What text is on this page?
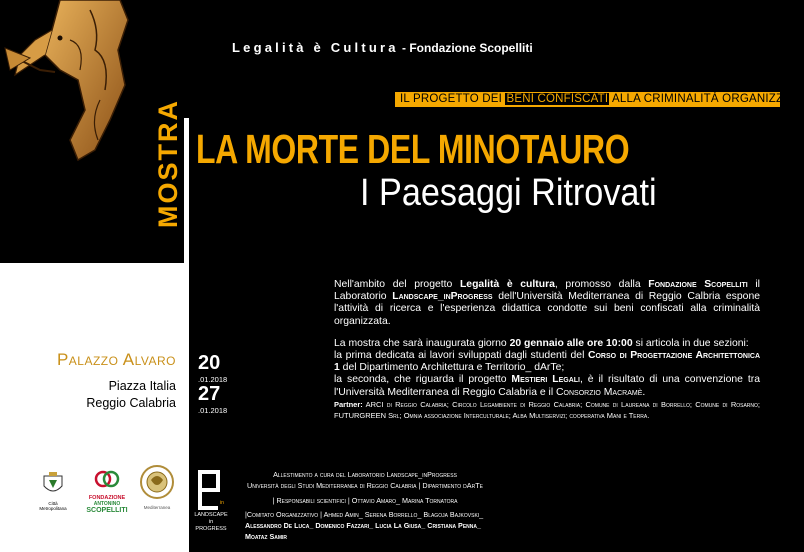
Legalità è Cultura - Fondazione Scopelliti
IL PROGETTO DEI BENI CONFISCATI ALLA CRIMINALITÀ ORGANIZZATA
MOSTRA LA MORTE DEL MINOTAURO
I Paesaggi Ritrovati

Nell'ambito del progetto Legalità è cultura, promosso dalla Fondazione Scopelliti il Laboratorio Landscape_inProgress dell'Università Mediterranea di Reggio Calbria espone l'attività di ricerca e l'esperienza didattica condotte sui beni confiscati alla criminalità organizzata.

La mostra che sarà inaugurata giorno 20 gennaio alle ore 10:00 si articola in due sezioni:

la prima dedicata ai lavori sviluppati dagli studenti del Corso di Progettazione Architettonica 1 del Dipartimento Architettura e Territorio_ dArTe;

la seconda, che riguarda il progetto Mestieri Legali, è il risultato di una convenzione tra l'Università Mediterranea di Reggio Calabria e il Consorzio Macramè.

Partner: ARCI di Reggio Calabria; Circolo Legambiente di Reggio Calabria; Comune di Laureana di Borrello; Comune di Rosarno; FUTURGREEN Srl; Omnia associazione Interculturale; Alba Multiservizi; cooperativa Mani e Terra.

Palazzo Alvaro
Piazza Italia
Reggio Calabria
20
.01.2018
27
.01.2018
Città Metropolitana
FONDAZIONE
ANTONINO
SCOPELLITI	Mediterranea
in
LANDSCAPE
in PROGRESS
Allestimento a cura del Laboratorio Landscape_inProgress
Università degli Studi Mediterranea di Reggio Calabria | Dipartimento dArTe
| Responsabili scientifici | Ottavio Amaro_ Marina Tornatora
|Comitato Organizzativo | Ahmed Amin_ Serena Borrello_ Blagoja Bajkovski_
Alessandro De Luca_ Domenico Fazzari_ Lucia La Giusa_ Cristiana Penna_ Moataz Samir
